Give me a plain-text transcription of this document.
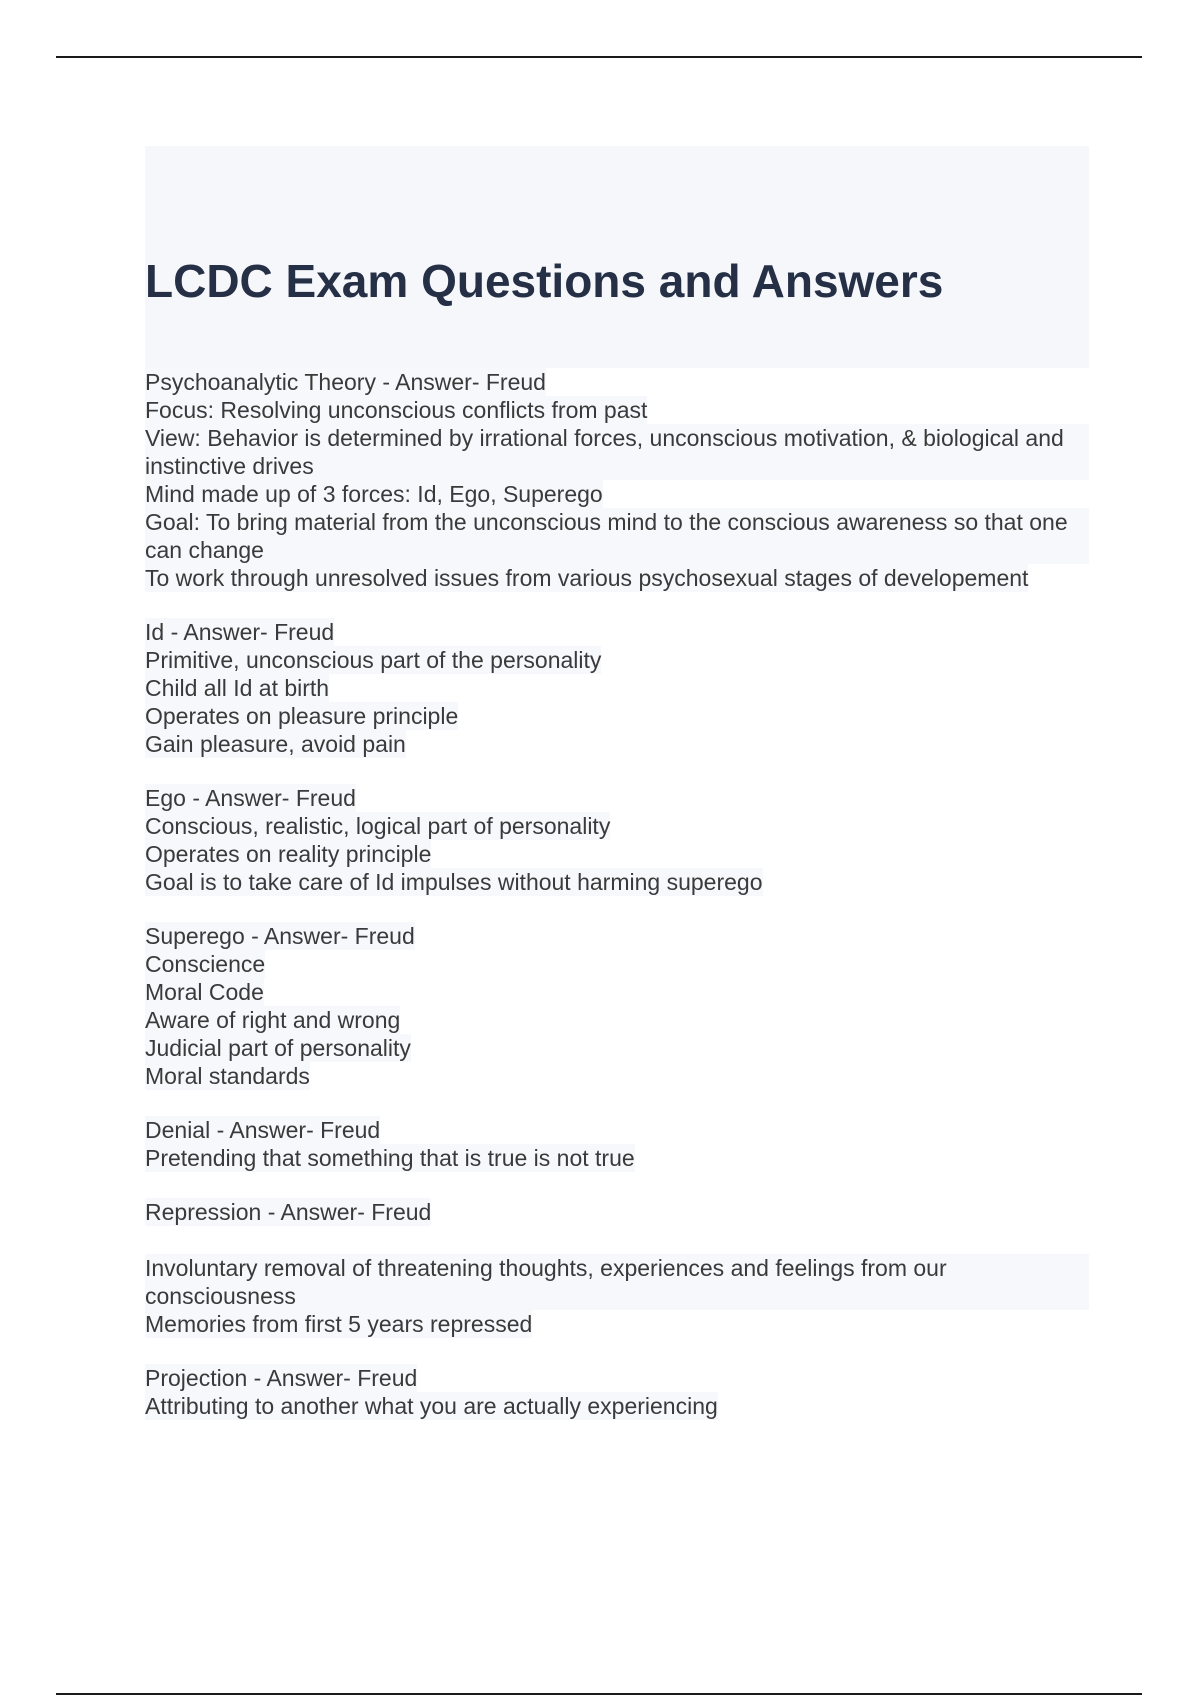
LCDC Exam Questions and Answers

Psychoanalytic Theory - Answer- Freud

Focus: Resolving unconscious conflicts from past

View: Behavior is determined by irrational forces, unconscious motivation, & biological and instinctive drives

Mind made up of 3 forces: Id, Ego, Superego

Goal: To bring material from the unconscious mind to the conscious awareness so that one can change

To work through unresolved issues from various psychosexual stages of developement

Id - Answer- Freud

Primitive, unconscious part of the personality

Child all Id at birth

Operates on pleasure principle

Gain pleasure, avoid pain

Ego - Answer- Freud

Conscious, realistic, logical part of personality

Operates on reality principle

Goal is to take care of Id impulses without harming superego

Superego - Answer- Freud

Conscience

Moral Code

Aware of right and wrong

Judicial part of personality

Moral standards

Denial - Answer- Freud

Pretending that something that is true is not true

Repression - Answer- Freud

Involuntary removal of threatening thoughts, experiences and feelings from our consciousness

Memories from first 5 years repressed

Projection - Answer- Freud

Attributing to another what you are actually experiencing
